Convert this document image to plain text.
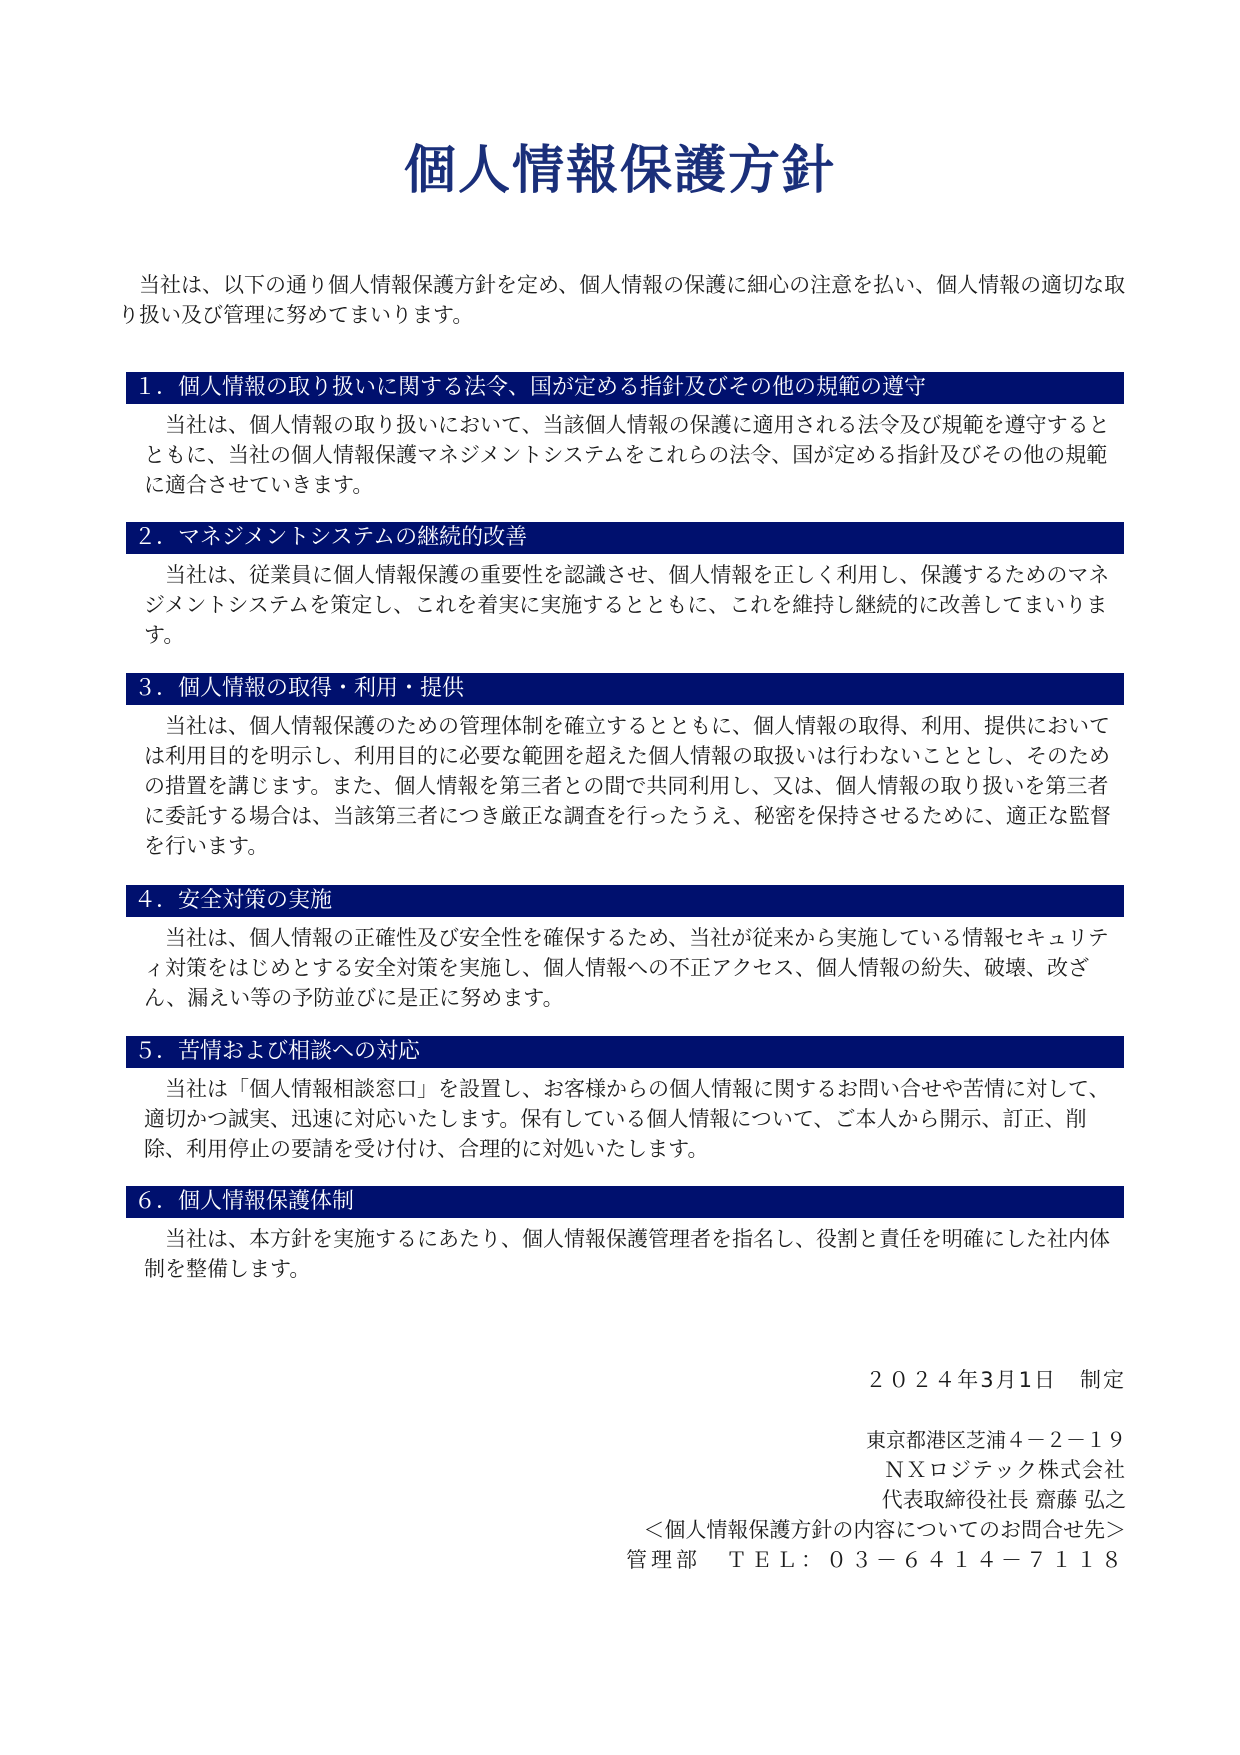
個人情報保護方針

当社は、以下の通り個人情報保護方針を定め、個人情報の保護に細心の注意を払い、個人情報の適切な取り扱い及び管理に努めてまいります。

１．個人情報の取り扱いに関する法令、国が定める指針及びその他の規範の遵守

当社は、個人情報の取り扱いにおいて、当該個人情報の保護に適用される法令及び規範を遵守するとともに、当社の個人情報保護マネジメントシステムをこれらの法令、国が定める指針及びその他の規範に適合させていきます。

２．マネジメントシステムの継続的改善

当社は、従業員に個人情報保護の重要性を認識させ、個人情報を正しく利用し、保護するためのマネジメントシステムを策定し、これを着実に実施するとともに、これを維持し継続的に改善してまいります。

３．個人情報の取得・利用・提供

当社は、個人情報保護のための管理体制を確立するとともに、個人情報の取得、利用、提供においては利用目的を明示し、利用目的に必要な範囲を超えた個人情報の取扱いは行わないこととし、そのための措置を講じます。また、個人情報を第三者との間で共同利用し、又は、個人情報の取り扱いを第三者に委託する場合は、当該第三者につき厳正な調査を行ったうえ、秘密を保持させるために、適正な監督を行います。

４．安全対策の実施

当社は、個人情報の正確性及び安全性を確保するため、当社が従来から実施している情報セキュリティ対策をはじめとする安全対策を実施し、個人情報への不正アクセス、個人情報の紛失、破壊、改ざん、漏えい等の予防並びに是正に努めます。

５．苦情および相談への対応

当社は「個人情報相談窓口」を設置し、お客様からの個人情報に関するお問い合せや苦情に対して、適切かつ誠実、迅速に対応いたします。保有している個人情報について、ご本人から開示、訂正、削除、利用停止の要請を受け付け、合理的に対処いたします。

６．個人情報保護体制

当社は、本方針を実施するにあたり、個人情報保護管理者を指名し、役割と責任を明確にした社内体制を整備します。

２０２４年3月1日　制定

東京都港区芝浦４－２－１９
ＮＸロジテック株式会社
代表取締役社長 齋藤 弘之
＜個人情報保護方針の内容についてのお問合せ先＞
管理部　ＴＥＬ：０３－６４１４－７１１８
